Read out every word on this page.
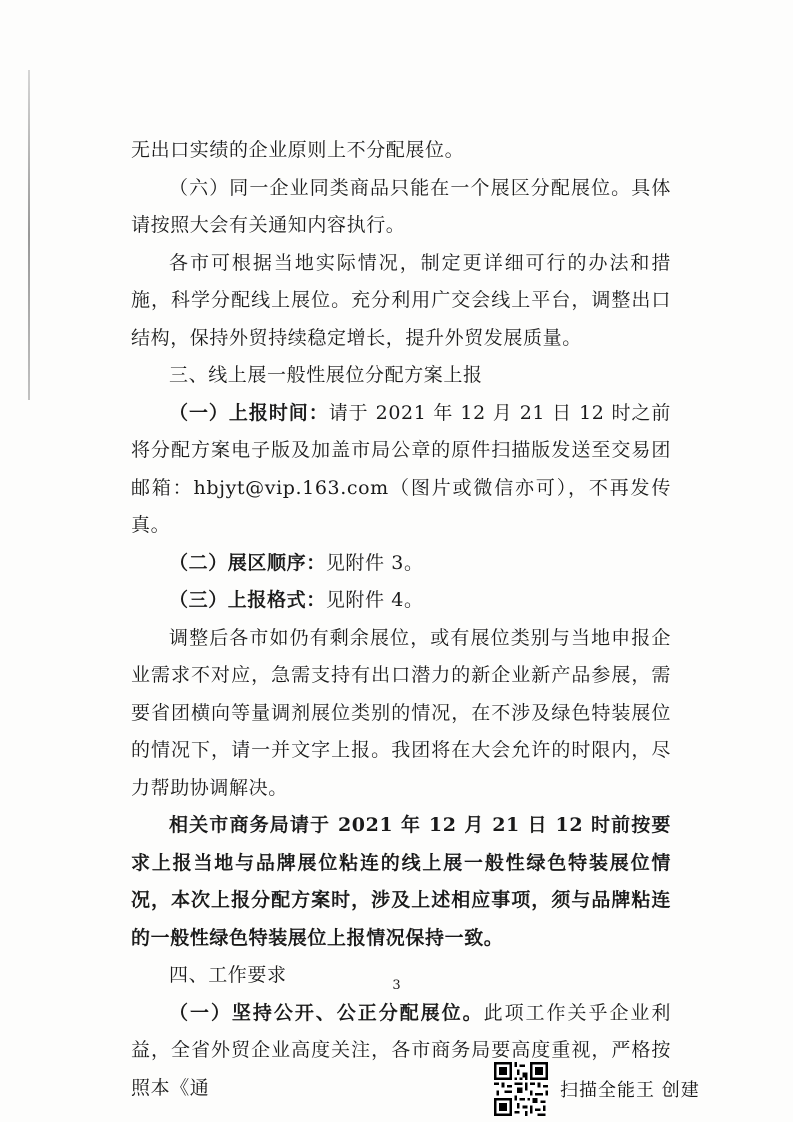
无出口实绩的企业原则上不分配展位。

（六）同一企业同类商品只能在一个展区分配展位。具体请按照大会有关通知内容执行。

各市可根据当地实际情况，制定更详细可行的办法和措施，科学分配线上展位。充分利用广交会线上平台，调整出口结构，保持外贸持续稳定增长，提升外贸发展质量。

三、线上展一般性展位分配方案上报

（一）上报时间：请于 2021 年 12 月 21 日 12 时之前将分配方案电子版及加盖市局公章的原件扫描版发送至交易团邮箱：hbjyt@vip.163.com（图片或微信亦可），不再发传真。

（二）展区顺序：见附件 3。

（三）上报格式：见附件 4。

调整后各市如仍有剩余展位，或有展位类别与当地申报企业需求不对应，急需支持有出口潜力的新企业新产品参展，需要省团横向等量调剂展位类别的情况，在不涉及绿色特装展位的情况下，请一并文字上报。我团将在大会允许的时限内，尽力帮助协调解决。

相关市商务局请于 2021 年 12 月 21 日 12 时前按要求上报当地与品牌展位粘连的线上展一般性绿色特装展位情况，本次上报分配方案时，涉及上述相应事项，须与品牌粘连的一般性绿色特装展位上报情况保持一致。

四、工作要求

（一）坚持公开、公正分配展位。此项工作关乎企业利益，全省外贸企业高度关注，各市商务局要高度重视，严格按照本《通

3
扫描全能王 创建
